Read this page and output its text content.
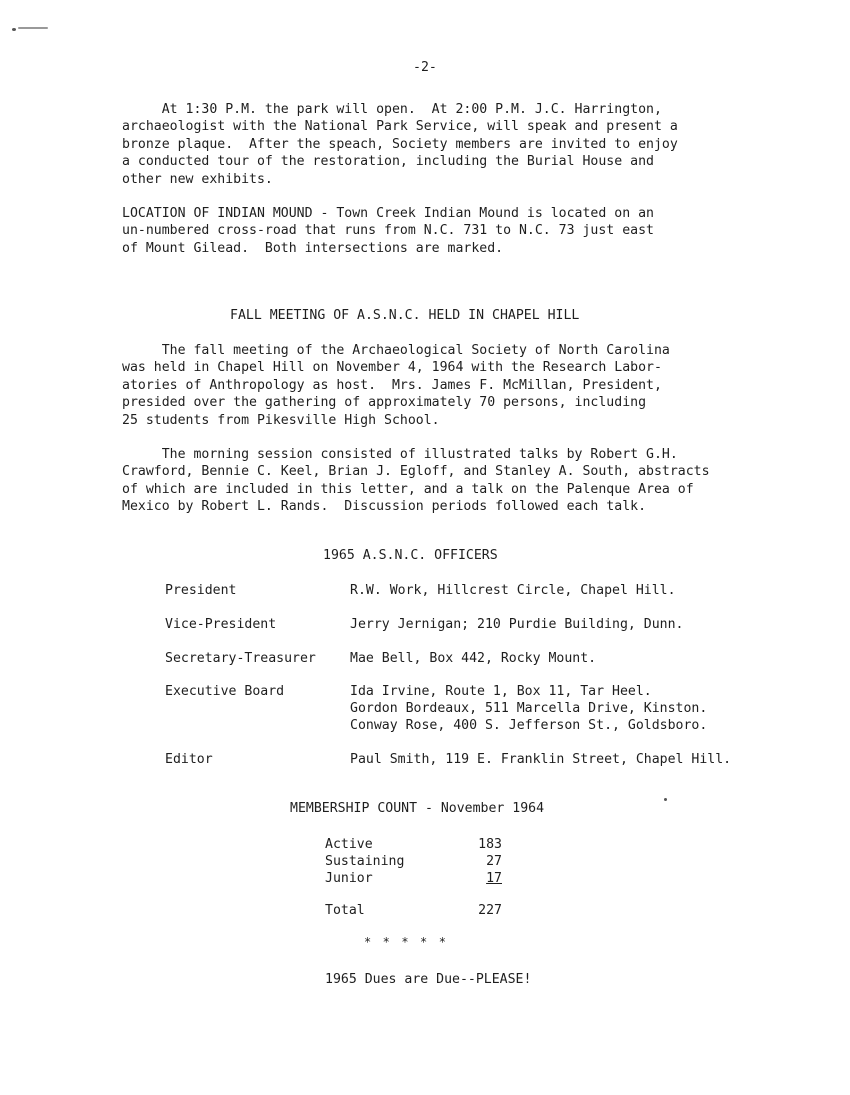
-2-
At 1:30 P.M. the park will open.  At 2:00 P.M. J.C. Harrington,
archaeologist with the National Park Service, will speak and present a
bronze plaque.  After the speach, Society members are invited to enjoy
a conducted tour of the restoration, including the Burial House and
other new exhibits.
LOCATION OF INDIAN MOUND - Town Creek Indian Mound is located on an
un-numbered cross-road that runs from N.C. 731 to N.C. 73 just east
of Mount Gilead.  Both intersections are marked.
FALL MEETING OF A.S.N.C. HELD IN CHAPEL HILL
The fall meeting of the Archaeological Society of North Carolina
was held in Chapel Hill on November 4, 1964 with the Research Labor-
atories of Anthropology as host.  Mrs. James F. McMillan, President,
presided over the gathering of approximately 70 persons, including
25 students from Pikesville High School.
The morning session consisted of illustrated talks by Robert G.H.
Crawford, Bennie C. Keel, Brian J. Egloff, and Stanley A. South, abstracts
of which are included in this letter, and a talk on the Palenque Area of
Mexico by Robert L. Rands.  Discussion periods followed each talk.
1965 A.S.N.C. OFFICERS
President	R.W. Work, Hillcrest Circle, Chapel Hill.
Vice-President	Jerry Jernigan; 210 Purdie Building, Dunn.
Secretary-Treasurer	Mae Bell, Box 442, Rocky Mount.
Executive Board	Ida Irvine, Route 1, Box 11, Tar Heel.
Gordon Bordeaux, 511 Marcella Drive, Kinston.
Conway Rose, 400 S. Jefferson St., Goldsboro.
Editor	Paul Smith, 119 E. Franklin Street, Chapel Hill.
MEMBERSHIP COUNT - November 1964
Active	183
Sustaining	27
Junior	17
Total	227
*  *  *  *  *
1965 Dues are Due--PLEASE!
